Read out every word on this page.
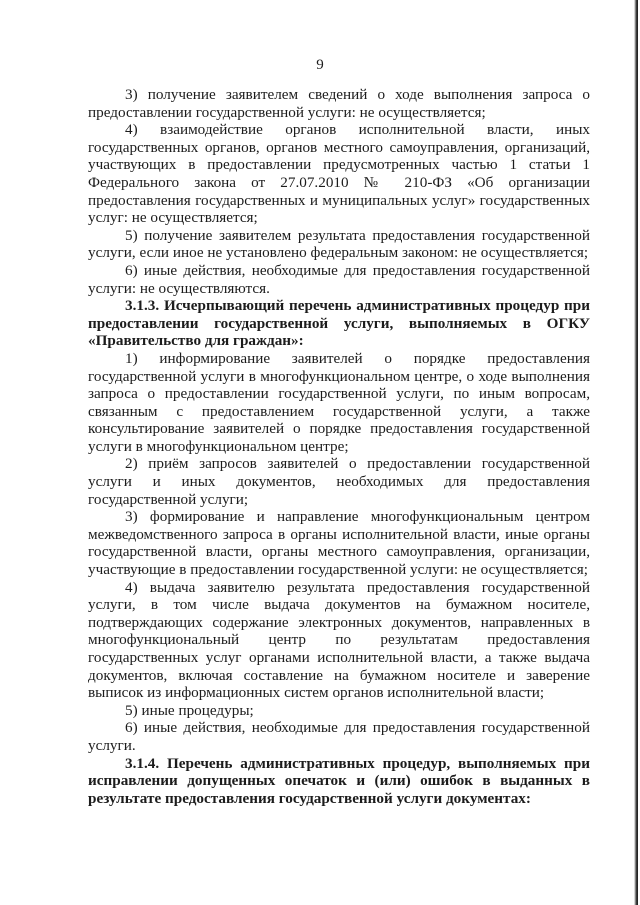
9

3) получение заявителем сведений о ходе выполнения запроса о предоставлении государственной услуги: не осуществляется;

4) взаимодействие органов исполнительной власти, иных государственных органов, органов местного самоуправления, организаций, участвующих в предоставлении предусмотренных частью 1 статьи 1 Федерального закона от 27.07.2010 № 210-ФЗ «Об организации предоставления государственных и муниципальных услуг» государственных услуг: не осуществляется;

5) получение заявителем результата предоставления государственной услуги, если иное не установлено федеральным законом: не осуществляется;

6) иные действия, необходимые для предоставления государственной услуги: не осуществляются.

3.1.3. Исчерпывающий перечень административных процедур при предоставлении государственной услуги, выполняемых в ОГКУ «Правительство для граждан»:

1) информирование заявителей о порядке предоставления государственной услуги в многофункциональном центре, о ходе выполнения запроса о предоставлении государственной услуги, по иным вопросам, связанным с предоставлением государственной услуги, а также консультирование заявителей о порядке предоставления государственной услуги в многофункциональном центре;

2) приём запросов заявителей о предоставлении государственной услуги и иных документов, необходимых для предоставления государственной услуги;

3) формирование и направление многофункциональным центром межведомственного запроса в органы исполнительной власти, иные органы государственной власти, органы местного самоуправления, организации, участвующие в предоставлении государственной услуги: не осуществляется;

4) выдача заявителю результата предоставления государственной услуги, в том числе выдача документов на бумажном носителе, подтверждающих содержание электронных документов, направленных в многофункциональный центр по результатам предоставления государственных услуг органами исполнительной власти, а также выдача документов, включая составление на бумажном носителе и заверение выписок из информационных систем органов исполнительной власти;

5) иные процедуры;

6) иные действия, необходимые для предоставления государственной услуги.

3.1.4. Перечень административных процедур, выполняемых при исправлении допущенных опечаток и (или) ошибок в выданных в результате предоставления государственной услуги документах:
